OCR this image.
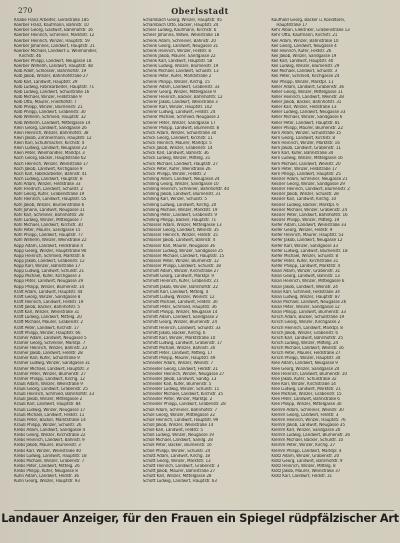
270	Oberlsstadt
Knabe Franz Arbeiter, Gerastraße 185
Koerber Franz, Kaufmann, Bahnstr. 10
Koerber Georg, Gastwirt, Bahnhofstr. 16
Koerber Heinrich, Schreiner, Marktstr. 12
Koerber Heinrich, Winzer, Hauptstr. 59
Koerber Johannes, Landwirt, Hauptstr. 21
Koerber Michael, Landwirt u. Weinhändler,
Kirchstr. 46
Koerber Philipp, Landwirt, Neugasse 18
Koerber Wilhelm, Landwirt, Hauptstr. 48
Kolb Adolf, Schlosser, Bahnhofstr. 19
Kolb Jakob, Winzer, Bahnhofstraße 27
Kolb Karl, Landwirt, Hauptstr. 29
Kolb Ludwig, Fabrikarbeiter, Hauptstr. 71
Kolb Ludwig, Landwirt, Schulstraße 16
Kolb Michael, Winzer, Feldstraße 9
Kolb Otto, Maurer, Friedhofstr. 7
Kolb Philipp, Winzer, Blumenstr. 21
Kolb Philipp, Landwirt, Grabenstr. 30
Kolb Wilhelm, Schmied, Hauptstr. 32
Kolb Wilhelm, Landwirt, Mittelgasse 14
Klein Georg, Landwirt, Sandgasse 26
Klein Heinrich, Winzer, Bahnhofstr. 38
Klein Jakob, Zimmermann, Hauptstr. 12
Klein Karl, Schuhmacher, Kirchstr. 4
Klein Ludwig, Landwirt, Neugasse 23
Klein Peter, Weinhändler, Marktpl. 3
Koch Georg, Bäcker, Hauptstraße 62
Koch Heinrich, Winzer, Weinstraße 17
Koch Jakob, Landwirt, Kirchgasse 9
Koch Karl, Fabrikarbeiter, Bahnstr. 41
Koch Ludwig, Landwirt, Hauptstr. 8
Kohl Adam, Winzer, Feldstraße 33
Kohl Friedrich, Landwirt, Schulstr. 2
Kohl Georg, Küfer, Grabenstraße 19
Kohl Heinrich, Landwirt, Hauptstr. 55
Kohl Jakob, Winzer, Blumenstraße 6
Kohl Johann, Landwirt, Neugasse 11
Kohl Karl, Schreiner, Bahnhofstr. 28
Kohl Ludwig, Winzer, Mittelgasse 7
Kohl Michael, Landwirt, Kirchstr. 30
Kohl Peter, Maurer, Sandgasse 15
Kohl Philipp, Landwirt, Hauptstr. 77
Kohl Wilhelm, Winzer, Weinstraße 22
Kopp Adam, Landwirt, Feldstraße 4
Kopp Georg, Winzer, Hauptstraße 90
Kopp Heinrich, Schmied, Marktstr. 8
Kopp Jakob, Landwirt, Grabenstr. 12
Kopp Karl, Winzer, Bahnstraße 17
Kopp Ludwig, Landwirt, Schulstr. 21
Kopp Michael, Küfer, Kirchgasse 3
Kopp Peter, Landwirt, Neugasse 29
Kopp Philipp, Winzer, Blumenstr. 14
Kraft Adam, Landwirt, Hauptstr. 44
Kraft Georg, Winzer, Sandgasse 8
Kraft Heinrich, Landwirt, Feldstr. 19
Kraft Jakob, Bäcker, Bahnhofstr. 5
Kraft Karl, Winzer, Weinstraße 31
Kraft Ludwig, Landwirt, Mittelg. 20
Kraft Michael, Maurer, Grabenstr. 2
Kraft Peter, Landwirt, Kirchstr. 17
Kraft Philipp, Winzer, Hauptstr. 66
Kramer Adam, Landwirt, Neugasse 5
Kramer Georg, Schreiner, Marktpl. 7
Kramer Heinrich, Winzer, Bahnstr. 23
Kramer Jakob, Landwirt, Feldstr. 28
Kramer Karl, Küfer, Schulstraße 9
Kramer Ludwig, Winzer, Sandgasse 31
Kramer Michael, Landwirt, Hauptstr. 3
Kramer Peter, Winzer, Blumenstr. 27
Kramer Philipp, Landwirt, Kirchg. 12
Krauß Adam, Winzer, Weinstraße 9
Krauß Georg, Landwirt, Grabenstr. 25
Krauß Heinrich, Schmied, Bahnhofstr. 33
Krauß Jakob, Winzer, Mittelgasse 2
Krauß Karl, Landwirt, Hauptstr. 84
Krauß Ludwig, Winzer, Neugasse 17
Krauß Michael, Landwirt, Feldstr. 11
Krauß Peter, Bäcker, Marktstraße 14
Krauß Philipp, Winzer, Schulstr. 26
Krebs Adam, Landwirt, Sandgasse 4
Krebs Georg, Winzer, Kirchstraße 22
Krebs Heinrich, Landwirt, Bahnstr. 9
Krebs Jakob, Maurer, Blumenstr. 3
Krebs Karl, Winzer, Weinstraße 40
Krebs Ludwig, Landwirt, Hauptstr. 18
Krebs Michael, Winzer, Grabenstr. 7
Krebs Peter, Landwirt, Mittelg. 26
Krebs Philipp, Küfer, Neugasse 8
Kuhn Adam, Landwirt, Feldstr. 36
Kuhn Georg, Winzer, Hauptstr. 93
Schambach Georg, Winzer, Hauptstr. 45
Schambach Otto, Bäcker, Hauptstr. 24
Scheer Ludwig, Kaufmann, Kirchstr. 6
Scheer Johanna, Witwe, Weinstraße 18
Schenk Adam, Schreiner, Bahnstr. 20
Schenk Georg, Landwirt, Neugasse 31
Schenk Heinrich, Winzer, Feldstr. 8
Schenk Jakob, Maurer, Sandgasse 22
Schenk Karl, Landwirt, Hauptstr. 58
Schenk Ludwig, Winzer, Blumenstr. 19
Schenk Michael, Landwirt, Schulstr. 13
Schenk Peter, Küfer, Marktstraße 2
Schenk Philipp, Winzer, Kirchg. 15
Scherer Adam, Landwirt, Grabenstr. 33
Scherer Georg, Winzer, Mittelgasse 9
Scherer Heinrich, Bäcker, Bahnhofstr. 12
Scherer Jakob, Landwirt, Weinstraße 3
Scherer Karl, Winzer, Hauptstr. 102
Scherer Ludwig, Landwirt, Feldstr. 24
Scherer Michael, Schmied, Neugasse 2
Scherer Peter, Winzer, Sandgasse 17
Scherer Philipp, Landwirt, Blumenstr. 8
Schick Adam, Winzer, Schulstraße 30
Schick Georg, Landwirt, Kirchstr. 11
Schick Heinrich, Maurer, Marktpl. 5
Schick Jakob, Winzer, Grabenstr. 14
Schick Karl, Landwirt, Bahnstr. 36
Schick Ludwig, Winzer, Mittelg. 31
Schick Michael, Landwirt, Hauptstr. 27
Schick Peter, Küfer, Weinstraße 26
Schick Philipp, Winzer, Feldstr. 2
Schilling Adam, Landwirt, Neugasse 24
Schilling Georg, Winzer, Sandgasse 10
Schilling Heinrich, Schreiner, Bahnhofstr. 40
Schilling Jakob, Landwirt, Blumenstr. 31
Schilling Karl, Winzer, Schulstr. 5
Schilling Ludwig, Landwirt, Kirchg. 20
Schilling Michael, Winzer, Marktstr. 19
Schilling Peter, Landwirt, Grabenstr. 9
Schilling Philipp, Bäcker, Hauptstr. 71
Schlosser Adam, Winzer, Mittelgasse 13
Schlosser Georg, Landwirt, Weinstr. 35
Schlosser Heinrich, Winzer, Feldstr. 15
Schlosser Jakob, Landwirt, Bahnstr. 4
Schlosser Karl, Maurer, Neugasse 36
Schlosser Ludwig, Winzer, Sandgasse 25
Schlosser Michael, Landwirt, Hauptstr. 15
Schlosser Peter, Winzer, Blumenstr. 12
Schlosser Philipp, Landwirt, Schulstr. 18
Schmidt Adam, Winzer, Kirchstraße 27
Schmidt Georg, Landwirt, Marktpl. 9
Schmidt Heinrich, Küfer, Grabenstr. 21
Schmidt Jakob, Winzer, Bahnhofstr. 22
Schmidt Karl, Landwirt, Mittelg. 4
Schmidt Ludwig, Winzer, Weinstr. 12
Schmidt Michael, Landwirt, Feldstr. 30
Schmidt Peter, Schmied, Hauptstr. 36
Schmidt Philipp, Winzer, Neugasse 14
Schmitt Adam, Landwirt, Sandgasse 2
Schmitt Georg, Winzer, Blumenstr. 24
Schmitt Heinrich, Landwirt, Schulstr. 33
Schmitt Jakob, Bäcker, Kirchg. 6
Schmitt Karl, Winzer, Marktstraße 10
Schmitt Ludwig, Landwirt, Grabenstr. 17
Schmitt Michael, Winzer, Bahnstr. 30
Schmitt Peter, Landwirt, Mittelg. 17
Schmitt Philipp, Maurer, Hauptstr. 49
Schneider Adam, Winzer, Weinstr. 7
Schneider Georg, Landwirt, Feldstr. 21
Schneider Heinrich, Winzer, Neugasse 27
Schneider Jakob, Landwirt, Sandg. 13
Schneider Karl, Küfer, Blumenstr. 5
Schneider Ludwig, Winzer, Schulstr. 11
Schneider Michael, Landwirt, Kirchstr. 35
Schneider Peter, Winzer, Marktpl. 2
Schneider Philipp, Landwirt, Grabenstr. 28
Scholl Adam, Schreiner, Bahnhofstr. 7
Scholl Georg, Winzer, Mittelgasse 22
Scholl Heinrich, Landwirt, Hauptstr. 99
Scholl Jakob, Winzer, Weinstraße 14
Scholl Karl, Landwirt, Feldstr. 5
Scholl Ludwig, Winzer, Neugasse 19
Scholl Michael, Landwirt, Sandg. 28
Scholl Peter, Bäcker, Blumenstr. 16
Scholl Philipp, Winzer, Schulstr. 24
Schott Adam, Landwirt, Kirchg. 18
Schott Georg, Winzer, Marktstr. 13
Schott Heinrich, Landwirt, Grabenstr. 3
Schott Jakob, Maurer, Bahnstraße 27
Schott Karl, Winzer, Mittelgasse 28
Schott Ludwig, Landwirt, Hauptstr. 63
Kaufhold Georg, Bäcker u. Konditorei,
Hauptstraße 17
Kehr Alban, Elektriker, Grabenstraße 13
Kehr Otto, Kaufmann, Kirchstr. 21
Keil Adam, Winzer, Bahnstraße 10
Keil Georg, Landwirt, Neugasse 4
Keil Heinrich, Küfer, Feldstr. 26
Keil Jakob, Winzer, Sandgasse 19
Keil Karl, Landwirt, Hauptstr. 40
Keil Ludwig, Winzer, Blumenstr. 29
Keil Michael, Landwirt, Schulstr. 3
Keil Peter, Schmied, Kirchgasse 24
Keil Philipp, Winzer, Marktpl. 11
Keller Adam, Landwirt, Grabenstr. 36
Keller Georg, Winzer, Mittelgasse 11
Keller Heinrich, Landwirt, Weinstr. 28
Keller Jakob, Bäcker, Bahnhofstr. 31
Keller Karl, Winzer, Feldstraße 13
Keller Ludwig, Landwirt, Neugasse 33
Keller Michael, Winzer, Sandgasse 6
Keller Peter, Landwirt, Hauptstr. 81
Keller Philipp, Maurer, Blumenstr. 22
Kern Adam, Winzer, Schulstraße 15
Kern Georg, Landwirt, Kirchstr. 8
Kern Heinrich, Winzer, Marktstr. 16
Kern Jakob, Landwirt, Grabenstr. 11
Kern Karl, Küfer, Bahnstraße 34
Kern Ludwig, Winzer, Mittelgasse 16
Kern Michael, Landwirt, Weinstr. 20
Kern Peter, Winzer, Feldstraße 17
Kern Philipp, Landwirt, Hauptstr. 25
Kessler Adam, Schreiner, Neugasse 21
Kessler Georg, Winzer, Sandgasse 29
Kessler Heinrich, Landwirt, Blumenstr. 2
Kessler Jakob, Winzer, Schulstr. 28
Kessler Karl, Landwirt, Kirchg. 10
Kessler Ludwig, Bäcker, Marktpl. 6
Kessler Michael, Winzer, Grabenstr. 24
Kessler Peter, Landwirt, Bahnhofstr. 16
Kessler Philipp, Winzer, Mittelg. 19
Kiefer Adam, Landwirt, Weinstraße 33
Kiefer Georg, Winzer, Feldstr. 9
Kiefer Heinrich, Maurer, Hauptstr. 53
Kiefer Jakob, Landwirt, Neugasse 12
Kiefer Karl, Winzer, Sandgasse 33
Kiefer Ludwig, Landwirt, Blumenstr. 18
Kiefer Michael, Winzer, Schulstr. 8
Kiefer Peter, Küfer, Kirchstraße 31
Kiefer Philipp, Landwirt, Marktstr. 4
Kilian Adam, Winzer, Grabenstr. 31
Kilian Georg, Landwirt, Bahnstr. 13
Kilian Heinrich, Winzer, Mittelgasse 6
Kilian Jakob, Landwirt, Weinstr. 24
Kilian Karl, Schmied, Feldstraße 34
Kilian Ludwig, Winzer, Hauptstr. 87
Kilian Michael, Landwirt, Neugasse 26
Kilian Peter, Winzer, Sandgasse 12
Kilian Philipp, Landwirt, Blumenstr. 33
Kirsch Adam, Bäcker, Schulstraße 19
Kirsch Georg, Winzer, Kirchgasse 2
Kirsch Heinrich, Landwirt, Marktpl. 8
Kirsch Jakob, Winzer, Grabenstr. 6
Kirsch Karl, Landwirt, Bahnhofstr. 25
Kirsch Ludwig, Winzer, Mittelg. 24
Kirsch Michael, Landwirt, Weinstr. 16
Kirsch Peter, Maurer, Feldstraße 27
Kirsch Philipp, Winzer, Hauptstr. 34
Klee Adam, Landwirt, Neugasse 9
Klee Georg, Winzer, Sandgasse 24
Klee Heinrich, Landwirt, Blumenstr. 10
Klee Jakob, Küfer, Schulstraße 32
Klee Karl, Winzer, Kirchstraße 14
Klee Ludwig, Landwirt, Marktstr. 21
Klee Michael, Winzer, Grabenstr. 15
Klee Peter, Landwirt, Bahnstraße 6
Klee Philipp, Winzer, Mittelgasse 30
Klemm Adam, Schreiner, Weinstr. 30
Klemm Georg, Landwirt, Feldstr. 3
Klemm Heinrich, Winzer, Hauptstr. 76
Klemm Jakob, Landwirt, Neugasse 35
Klemm Karl, Winzer, Sandgasse 20
Klemm Ludwig, Landwirt, Blumenstr. 26
Klemm Michael, Bäcker, Schulstr. 10
Klemm Peter, Winzer, Kirchg. 27
Klemm Philipp, Landwirt, Marktpl. 4
Klotz Adam, Winzer, Grabenstr. 20
Klotz Georg, Landwirt, Bahnhofstr. 9
Klotz Heinrich, Winzer, Mittelg. 8
Klotz Jakob, Maurer, Weinstraße 37
Klotz Karl, Landwirt, Feldstr. 31
Landauer Anzeiger, für den Frauen ein Spiegel rüdpfälzischer Art
